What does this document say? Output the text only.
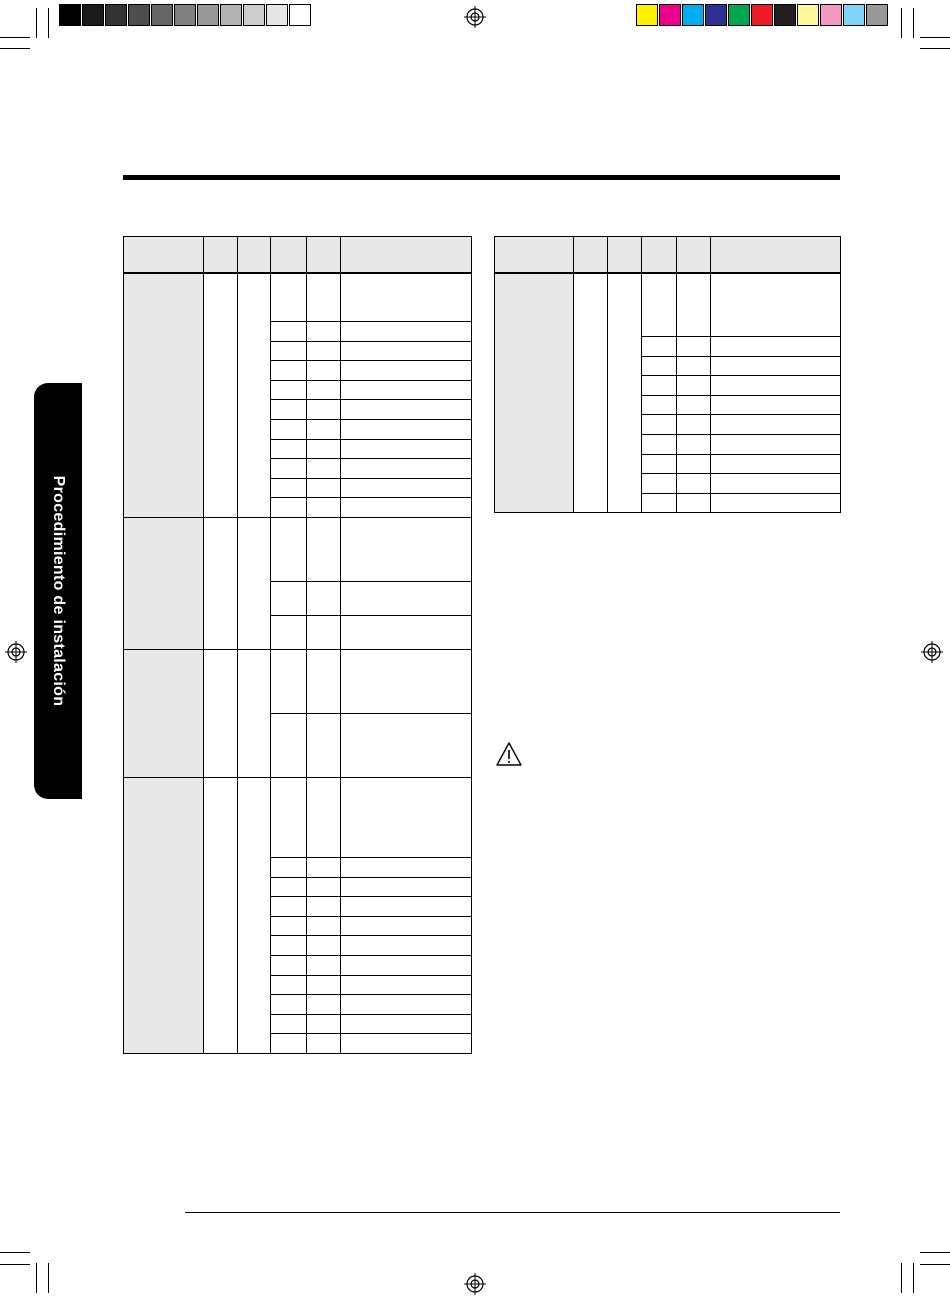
Procedimiento de instalación
